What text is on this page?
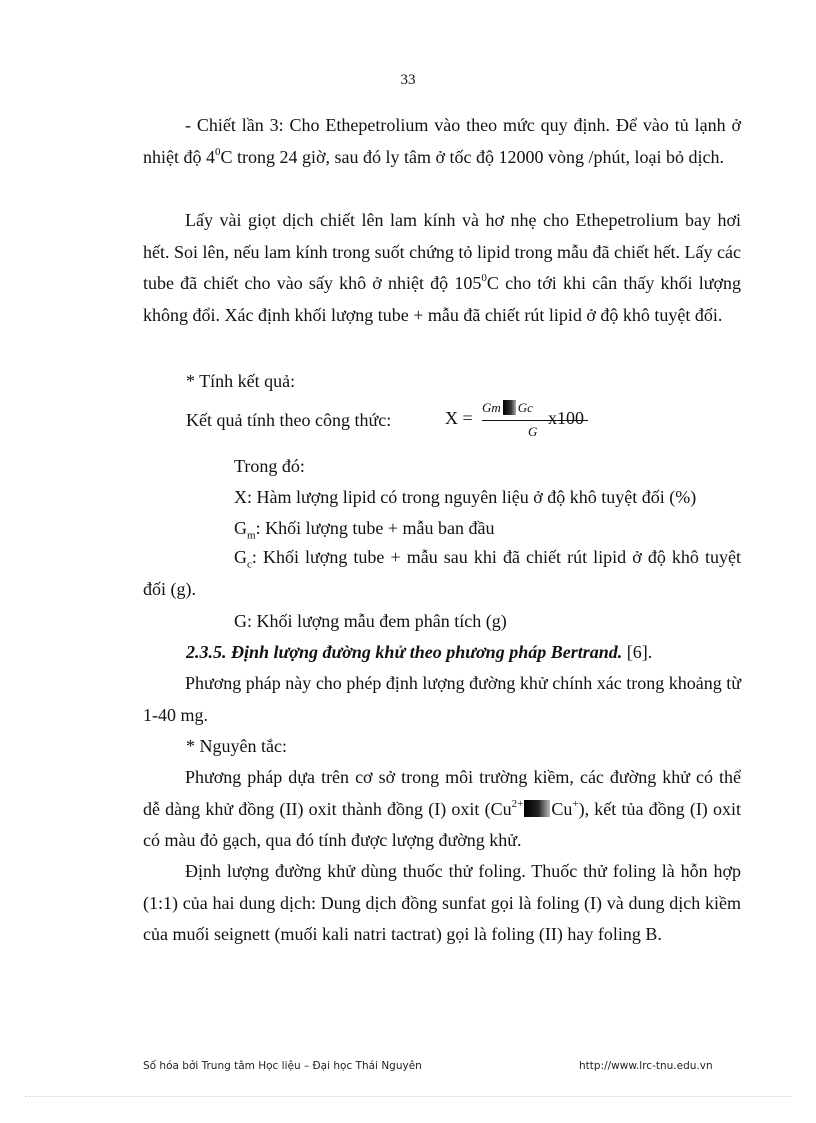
33

- Chiết lần 3: Cho Ethepetrolium vào theo mức quy định. Để vào tủ lạnh ở nhiệt độ $4^0C$ trong 24 giờ, sau đó ly tâm ở tốc độ 12000 vòng /phút, loại bỏ dịch.

Lấy vài giọt dịch chiết lên lam kính và hơ nhẹ cho Ethepetrolium bay hơi hết. Soi lên, nếu lam kính trong suốt chứng tỏ lipid trong mẫu đã chiết hết. Lấy các tube đã chiết cho vào sấy khô ở nhiệt độ $105^0C$ cho tới khi cân thấy khối lượng không đổi. Xác định khối lượng tube + mẫu đã chiết rút lipid ở độ khô tuyệt đối.

* Tính kết quả:
Kết quả tính theo công thức:	X =
Gm Gc
G
x100
Trong đó:
X: Hàm lượng lipid có trong nguyên liệu ở độ khô tuyệt đối (%)
$G_m$: Khối lượng tube + mẫu ban đầu

$G_c$: Khối lượng tube + mẫu sau khi đã chiết rút lipid ở độ khô tuyệt đối (g).

G: Khối lượng mẫu đem phân tích (g)
2.3.5. Định lượng đường khử theo phương pháp Bertrand. [6].

Phương pháp này cho phép định lượng đường khử chính xác trong khoảng từ 1-40 mg.

* Nguyên tắc:

Phương pháp dựa trên cơ sở trong môi trường kiềm, các đường khử có thể dễ dàng khử đồng (II) oxit thành đồng (I) oxit ($Cu^{2+}$ Cu+), kết tủa đồng (I) oxit có màu đỏ gạch, qua đó tính được lượng đường khử.

Định lượng đường khử dùng thuốc thử foling. Thuốc thử foling là hỗn hợp (1:1) của hai dung dịch: Dung dịch đồng sunfat gọi là foling (I) và dung dịch kiềm của muối seignett (muối kali natri tactrat) gọi là foling (II) hay foling B.

Số hóa bởi Trung tâm Học liệu – Đại học Thái Nguyên	http://www.lrc-tnu.edu.vn
